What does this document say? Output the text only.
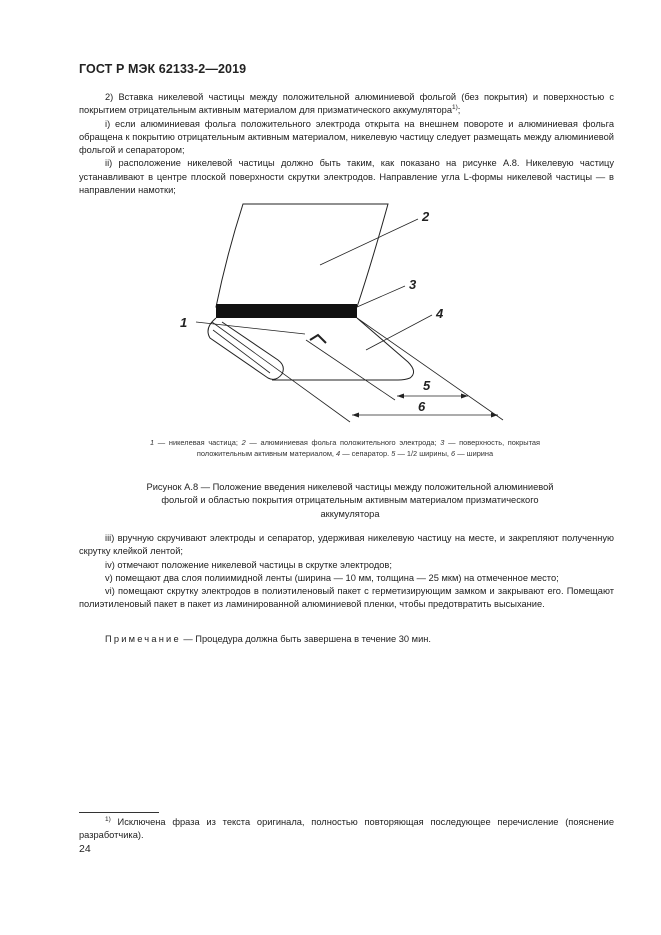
ГОСТ Р МЭК 62133-2—2019

2) Вставка никелевой частицы между положительной алюминиевой фольгой (без покрытия) и поверхностью с покрытием отрицательным активным материалом для призматического аккумулятора$^{1)}$;

i) если алюминиевая фольга положительного электрода открыта на внешнем повороте и алюминиевая фольга обращена к покрытию отрицательным активным материалом, никелевую частицу следует размещать между алюминиевой фольгой и сепаратором;

ii) расположение никелевой частицы должно быть таким, как показано на рисунке А.8. Никелевую частицу устанавливают в центре плоской поверхности скрутки электродов. Направление угла L-формы никелевой частицы — в направлении намотки;

1
2
3
4
5
6
1 — никелевая частица; 2 — алюминиевая фольга положительного электрода; 3 — поверхность, покрытая положительным активным материалом, 4 — сепаратор. 5 — 1/2 ширины, 6 — ширина
Рисунок А.8 — Положение введения никелевой частицы между положительной алюминиевой фольгой и областью покрытия отрицательным активным материалом призматического аккумулятора

iii) вручную скручивают электроды и сепаратор, удерживая никелевую частицу на месте, и закрепляют полученную скрутку клейкой лентой;

iv) отмечают положение никелевой частицы в скрутке электродов;

v) помещают два слоя полиимидной ленты (ширина — 10 мм, толщина — 25 мкм) на отмеченное место;

vi) помещают скрутку электродов в полиэтиленовый пакет с герметизирующим замком и закрывают его. Помещают полиэтиленовый пакет в пакет из ламинированной алюминиевой пленки, чтобы предотвратить высыхание.

Примечание — Процедура должна быть завершена в течение 30 мин.

$^{1)}$ Исключена фраза из текста оригинала, полностью повторяющая последующее перечисление (пояснение разработчика).

24
